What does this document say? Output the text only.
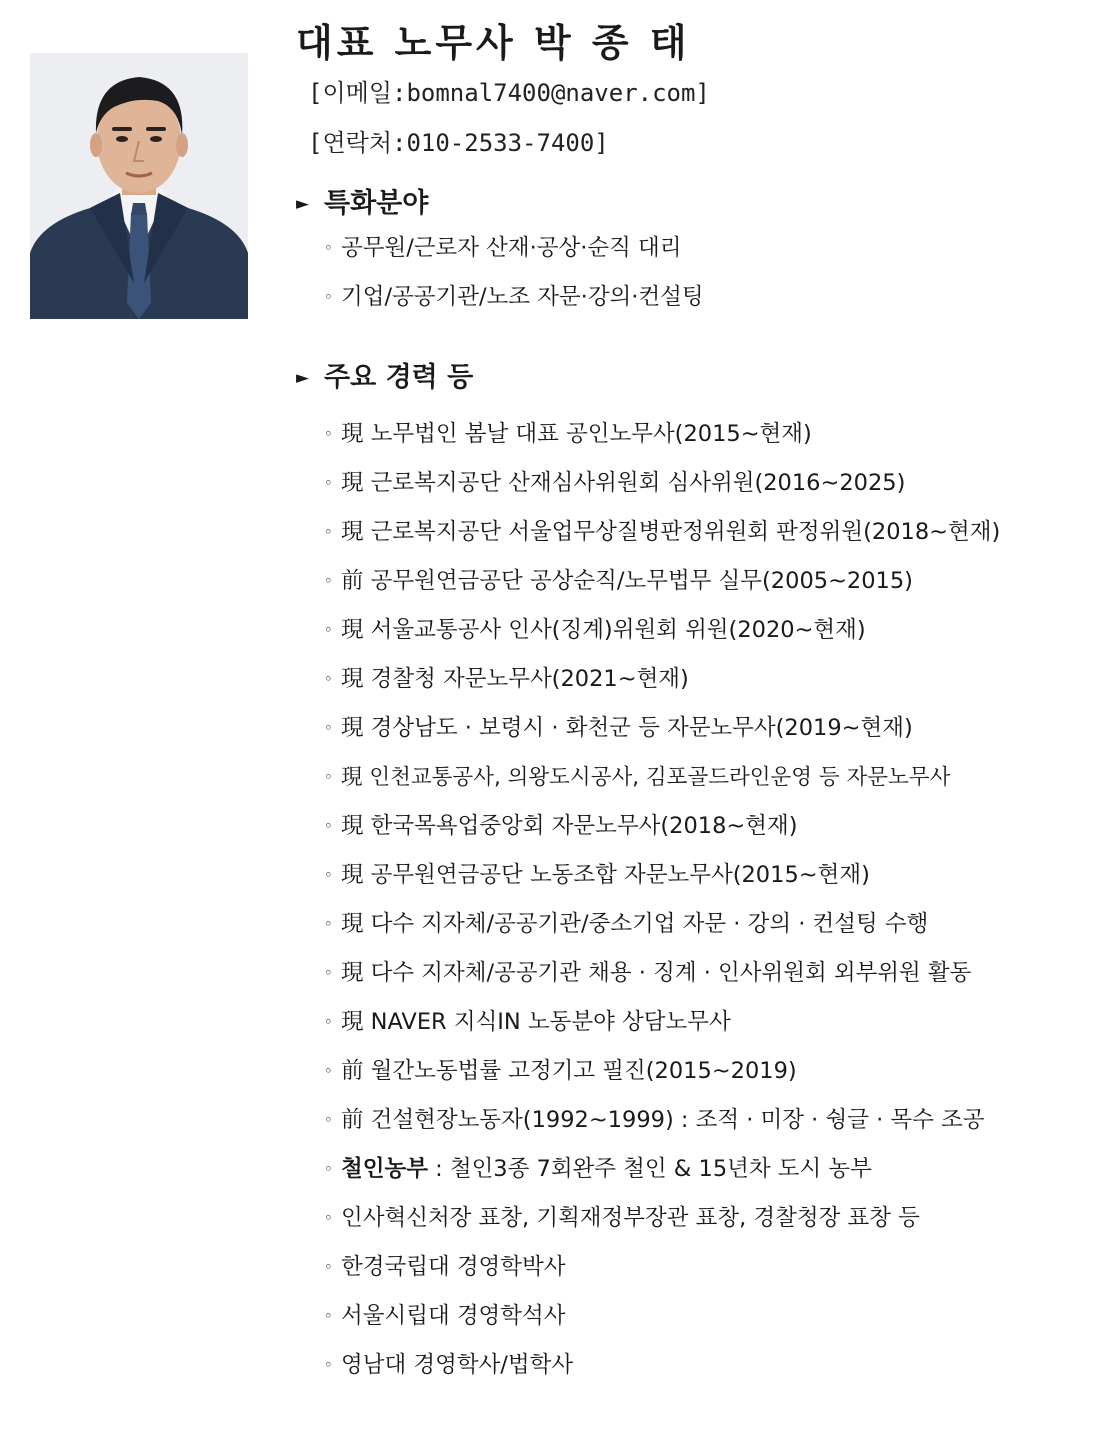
대표 노무사 박 종 태

[이메일:bomnal7400@naver.com]

[연락처:010-2533-7400]

► 특화분야
◦ 공무원/근로자 산재·공상·순직 대리
◦ 기업/공공기관/노조 자문·강의·컨설팅
► 주요 경력 등
◦ 現 노무법인 봄날 대표 공인노무사(2015~현재)
◦ 現 근로복지공단 산재심사위원회 심사위원(2016~2025)
◦ 現 근로복지공단 서울업무상질병판정위원회 판정위원(2018~현재)
◦ 前 공무원연금공단 공상순직/노무법무 실무(2005~2015)
◦ 現 서울교통공사 인사(징계)위원회 위원(2020~현재)
◦ 現 경찰청 자문노무사(2021~현재)
◦ 現 경상남도 · 보령시 · 화천군 등 자문노무사(2019~현재)
◦ 現 인천교통공사, 의왕도시공사, 김포골드라인운영 등 자문노무사
◦ 現 한국목욕업중앙회 자문노무사(2018~현재)
◦ 現 공무원연금공단 노동조합 자문노무사(2015~현재)
◦ 現 다수 지자체/공공기관/중소기업 자문 · 강의 · 컨설팅 수행
◦ 現 다수 지자체/공공기관 채용 · 징계 · 인사위원회 외부위원 활동
◦ 現 NAVER 지식IN 노동분야 상담노무사
◦ 前 월간노동법률 고정기고 필진(2015~2019)
◦ 前 건설현장노동자(1992~1999) : 조적 · 미장 · 쉉글 · 목수 조공
◦ 철인농부 : 철인3종 7회완주 철인 & 15년차 도시 농부
◦ 인사혁신처장 표창, 기획재정부장관 표창, 경찰청장 표창 등
◦ 한경국립대 경영학박사
◦ 서울시립대 경영학석사
◦ 영남대 경영학사/법학사
